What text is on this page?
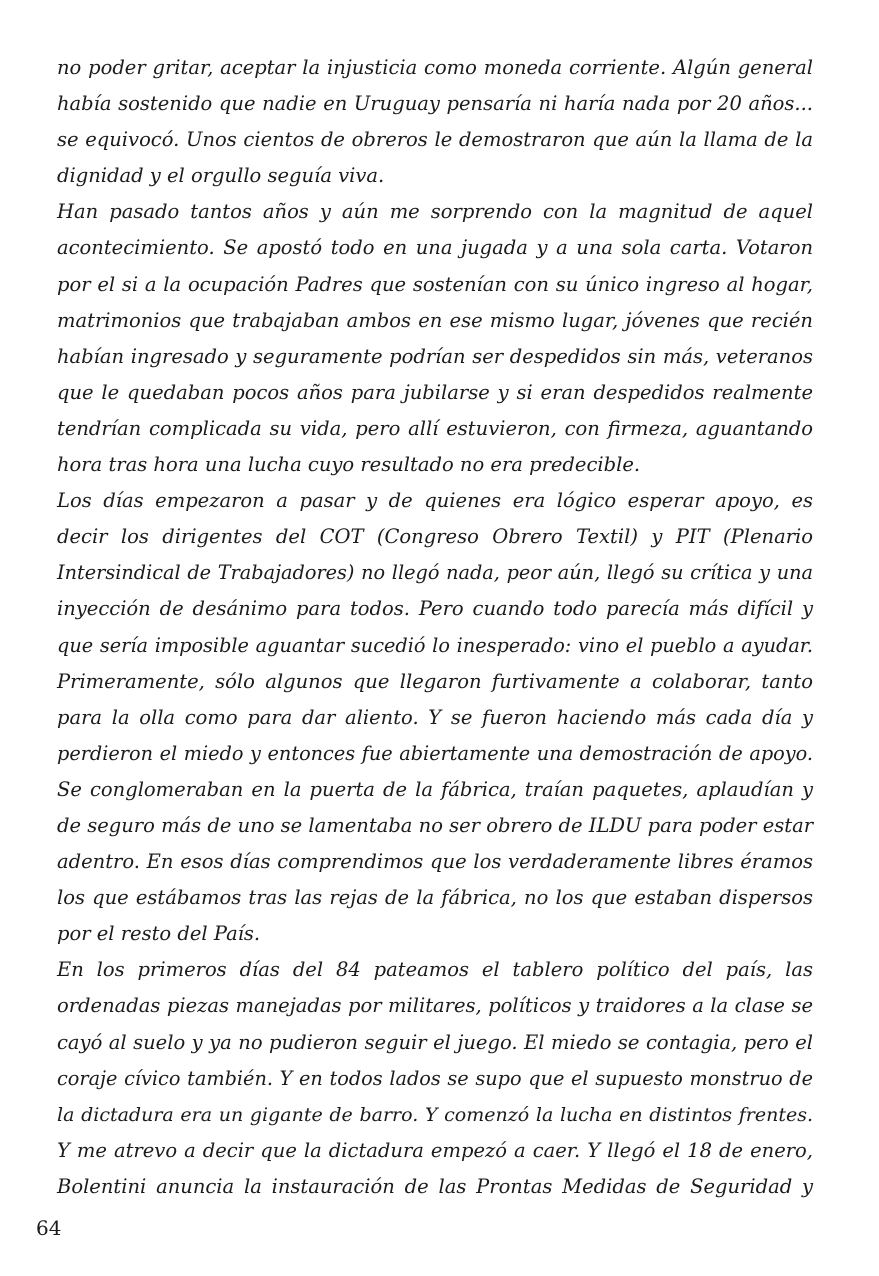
no poder gritar, aceptar la injusticia como moneda corriente. Algún general
había sostenido que nadie en Uruguay pensaría ni haría nada por 20 años...
se equivocó. Unos cientos de obreros le demostraron que aún la llama de la
dignidad y el orgullo seguía viva.
Han pasado tantos años y aún me sorprendo con la magnitud de aquel
acontecimiento. Se apostó todo en una jugada y a una sola carta. Votaron
por el si a la ocupación Padres que sostenían con su único ingreso al hogar,
matrimonios que trabajaban ambos en ese mismo lugar, jóvenes que recién
habían ingresado y seguramente podrían ser despedidos sin más, veteranos
que le quedaban pocos años para jubilarse y si eran despedidos realmente
tendrían complicada su vida, pero allí estuvieron, con firmeza, aguantando
hora tras hora una lucha cuyo resultado no era predecible.
Los días empezaron a pasar y de quienes era lógico esperar apoyo, es
decir los dirigentes del COT (Congreso Obrero Textil) y PIT (Plenario
Intersindical de Trabajadores) no llegó nada, peor aún, llegó su crítica y una
inyección de desánimo para todos. Pero cuando todo parecía más difícil y
que sería imposible aguantar sucedió lo inesperado: vino el pueblo a ayudar.
Primeramente, sólo algunos que llegaron furtivamente a colaborar, tanto
para la olla como para dar aliento. Y se fueron haciendo más cada día y
perdieron el miedo y entonces fue abiertamente una demostración de apoyo.
Se conglomeraban en la puerta de la fábrica, traían paquetes, aplaudían y
de seguro más de uno se lamentaba no ser obrero de ILDU para poder estar
adentro. En esos días comprendimos que los verdaderamente libres éramos
los que estábamos tras las rejas de la fábrica, no los que estaban dispersos
por el resto del País.
En los primeros días del 84 pateamos el tablero político del país, las
ordenadas piezas manejadas por militares, políticos y traidores a la clase se
cayó al suelo y ya no pudieron seguir el juego. El miedo se contagia, pero el
coraje cívico también. Y en todos lados se supo que el supuesto monstruo de
la dictadura era un gigante de barro. Y comenzó la lucha en distintos frentes.
Y me atrevo a decir que la dictadura empezó a caer. Y llegó el 18 de enero,
Bolentini anuncia la instauración de las Prontas Medidas de Seguridad y
64
